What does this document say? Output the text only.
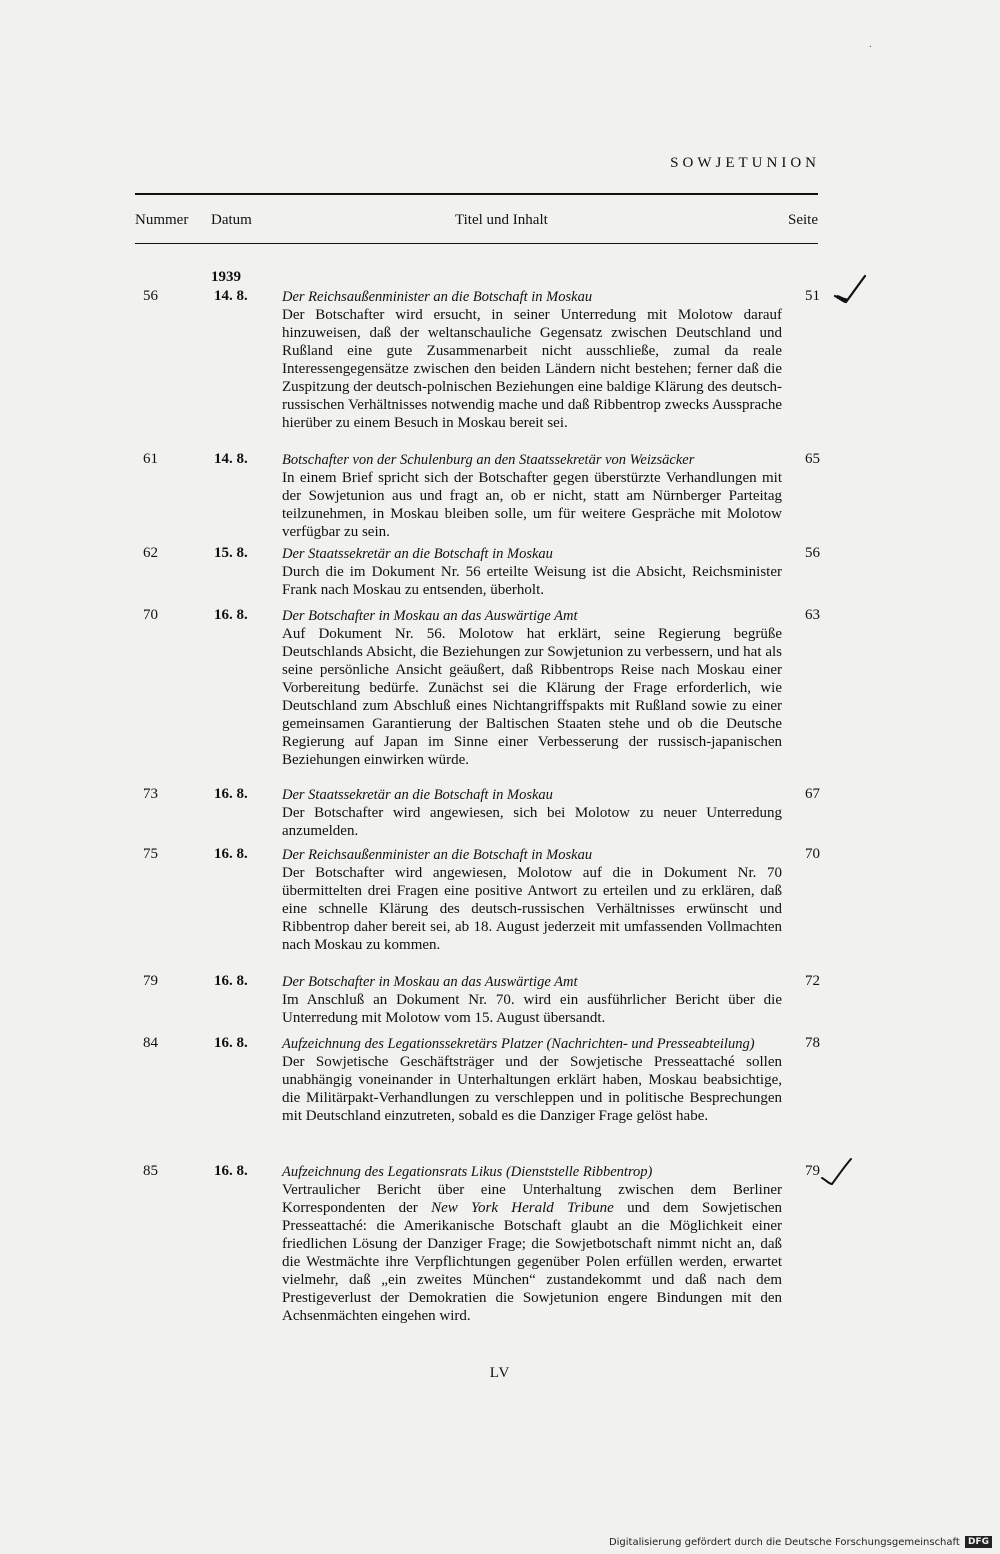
·
SOWJETUNION
Nummer Datum	Titel und Inhalt	Seite
1939
56	14. 8. Der Reichsaußenminister an die Botschaft in Moskau
Der Botschafter wird ersucht, in seiner Unterredung mit Molotow darauf hinzuweisen, daß der weltanschauliche Gegensatz zwischen Deutschland und Rußland eine gute Zusammenarbeit nicht ausschließe, zumal da reale Interessengegensätze zwischen den beiden Ländern nicht bestehen; ferner daß die Zuspitzung der deutsch-polnischen Beziehungen eine baldige Klärung des deutsch-russischen Verhältnisses notwendig mache und daß Ribbentrop zwecks Aussprache hierüber zu einem Besuch in Moskau bereit sei.
51
61	14. 8. Botschafter von der Schulenburg an den Staatssekretär von Weizsäcker
In einem Brief spricht sich der Botschafter gegen überstürzte Verhandlungen mit der Sowjetunion aus und fragt an, ob er nicht, statt am Nürnberger Parteitag teilzunehmen, in Moskau bleiben solle, um für weitere Gespräche mit Molotow verfügbar zu sein.
65
62	15. 8. Der Staatssekretär an die Botschaft in Moskau
Durch die im Dokument Nr. 56 erteilte Weisung ist die Absicht, Reichsminister Frank nach Moskau zu entsenden, überholt.
56
70	16. 8. Der Botschafter in Moskau an das Auswärtige Amt
Auf Dokument Nr. 56. Molotow hat erklärt, seine Regierung begrüße Deutschlands Absicht, die Beziehungen zur Sowjetunion zu verbessern, und hat als seine persönliche Ansicht geäußert, daß Ribbentrops Reise nach Moskau einer Vorbereitung bedürfe. Zunächst sei die Klärung der Frage erforderlich, wie Deutschland zum Abschluß eines Nichtangriffspakts mit Rußland sowie zu einer gemeinsamen Garantierung der Baltischen Staaten stehe und ob die Deutsche Regierung auf Japan im Sinne einer Verbesserung der russisch-japanischen Beziehungen einwirken würde.
63
73	16. 8. Der Staatssekretär an die Botschaft in Moskau
Der Botschafter wird angewiesen, sich bei Molotow zu neuer Unterredung anzumelden.
67
75	16. 8. Der Reichsaußenminister an die Botschaft in Moskau
Der Botschafter wird angewiesen, Molotow auf die in Dokument Nr. 70 übermittelten drei Fragen eine positive Antwort zu erteilen und zu erklären, daß eine schnelle Klärung des deutsch-russischen Verhältnisses erwünscht und Ribbentrop daher bereit sei, ab 18. August jederzeit mit umfassenden Vollmachten nach Moskau zu kommen.
70
79	16. 8. Der Botschafter in Moskau an das Auswärtige Amt
Im Anschluß an Dokument Nr. 70. wird ein ausführlicher Bericht über die Unterredung mit Molotow vom 15. August übersandt.
72
84	16. 8. Aufzeichnung des Legationssekretärs Platzer (Nachrichten- und Presseabteilung)
Der Sowjetische Geschäftsträger und der Sowjetische Presseattaché sollen unabhängig voneinander in Unterhaltungen erklärt haben, Moskau beabsichtige, die Militärpakt-Verhandlungen zu verschleppen und in politische Besprechungen mit Deutschland einzutreten, sobald es die Danziger Frage gelöst habe.
78
85	16. 8. Aufzeichnung des Legationsrats Likus (Dienststelle Ribbentrop)
Vertraulicher Bericht über eine Unterhaltung zwischen dem Berliner Korrespondenten der New York Herald Tribune und dem Sowjetischen Presseattaché: die Amerikanische Botschaft glaubt an die Möglichkeit einer friedlichen Lösung der Danziger Frage; die Sowjetbotschaft nimmt nicht an, daß die Westmächte ihre Verpflichtungen gegenüber Polen erfüllen werden, erwartet vielmehr, daß „ein zweites München“ zustandekommt und daß nach dem Prestigeverlust der Demokratien die Sowjetunion engere Bindungen mit den Achsenmächten eingehen wird.
79
LV
Digitalisierung gefördert durch die Deutsche Forschungsgemeinschaft DFG
